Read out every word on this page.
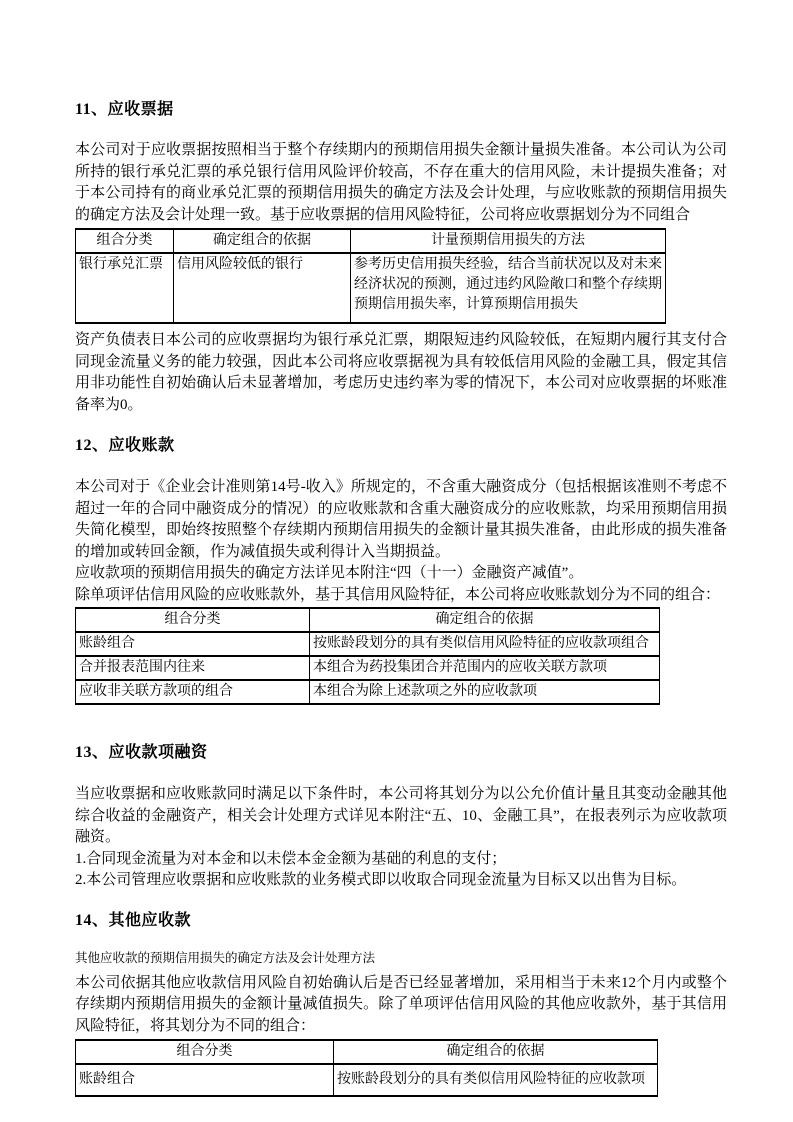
11、应收票据

本公司对于应收票据按照相当于整个存续期内的预期信用损失金额计量损失准备。本公司认为公司所持的银行承兑汇票的承兑银行信用风险评价较高，不存在重大的信用风险，未计提损失准备；对于本公司持有的商业承兑汇票的预期信用损失的确定方法及会计处理，与应收账款的预期信用损失的确定方法及会计处理一致。基于应收票据的信用风险特征，公司将应收票据划分为不同组合

组合分类	确定组合的依据	计量预期信用损失的方法
银行承兑汇票	信用风险较低的银行	参考历史信用损失经验，结合当前状况以及对未来经济状况的预测，通过违约风险敞口和整个存续期预期信用损失率，计算预期信用损失

资产负债表日本公司的应收票据均为银行承兑汇票，期限短违约风险较低，在短期内履行其支付合同现金流量义务的能力较强，因此本公司将应收票据视为具有较低信用风险的金融工具，假定其信用非功能性自初始确认后未显著增加，考虑历史违约率为零的情况下，本公司对应收票据的坏账准备率为0。

12、应收账款

本公司对于《企业会计准则第14号-收入》所规定的，不含重大融资成分（包括根据该准则不考虑不超过一年的合同中融资成分的情况）的应收账款和含重大融资成分的应收账款，均采用预期信用损失简化模型，即始终按照整个存续期内预期信用损失的金额计量其损失准备，由此形成的损失准备的增加或转回金额，作为减值损失或利得计入当期损益。

应收款项的预期信用损失的确定方法详见本附注“四（十一）金融资产减值”。

除单项评估信用风险的应收账款外，基于其信用风险特征，本公司将应收账款划分为不同的组合：

组合分类	确定组合的依据
账龄组合	按账龄段划分的具有类似信用风险特征的应收款项组合
合并报表范围内往来	本组合为药投集团合并范围内的应收关联方款项
应收非关联方款项的组合	本组合为除上述款项之外的应收款项
13、应收款项融资

当应收票据和应收账款同时满足以下条件时，本公司将其划分为以公允价值计量且其变动金融其他综合收益的金融资产，相关会计处理方式详见本附注“五、10、金融工具”，在报表列示为应收款项融资。

1.合同现金流量为对本金和以未偿本金金额为基础的利息的支付；
2.本公司管理应收票据和应收账款的业务模式即以收取合同现金流量为目标又以出售为目标。
14、其他应收款
其他应收款的预期信用损失的确定方法及会计处理方法

本公司依据其他应收款信用风险自初始确认后是否已经显著增加，采用相当于未来12个月内或整个存续期内预期信用损失的金额计量减值损失。除了单项评估信用风险的其他应收款外，基于其信用风险特征，将其划分为不同的组合：

组合分类	确定组合的依据
账龄组合	按账龄段划分的具有类似信用风险特征的应收款项
